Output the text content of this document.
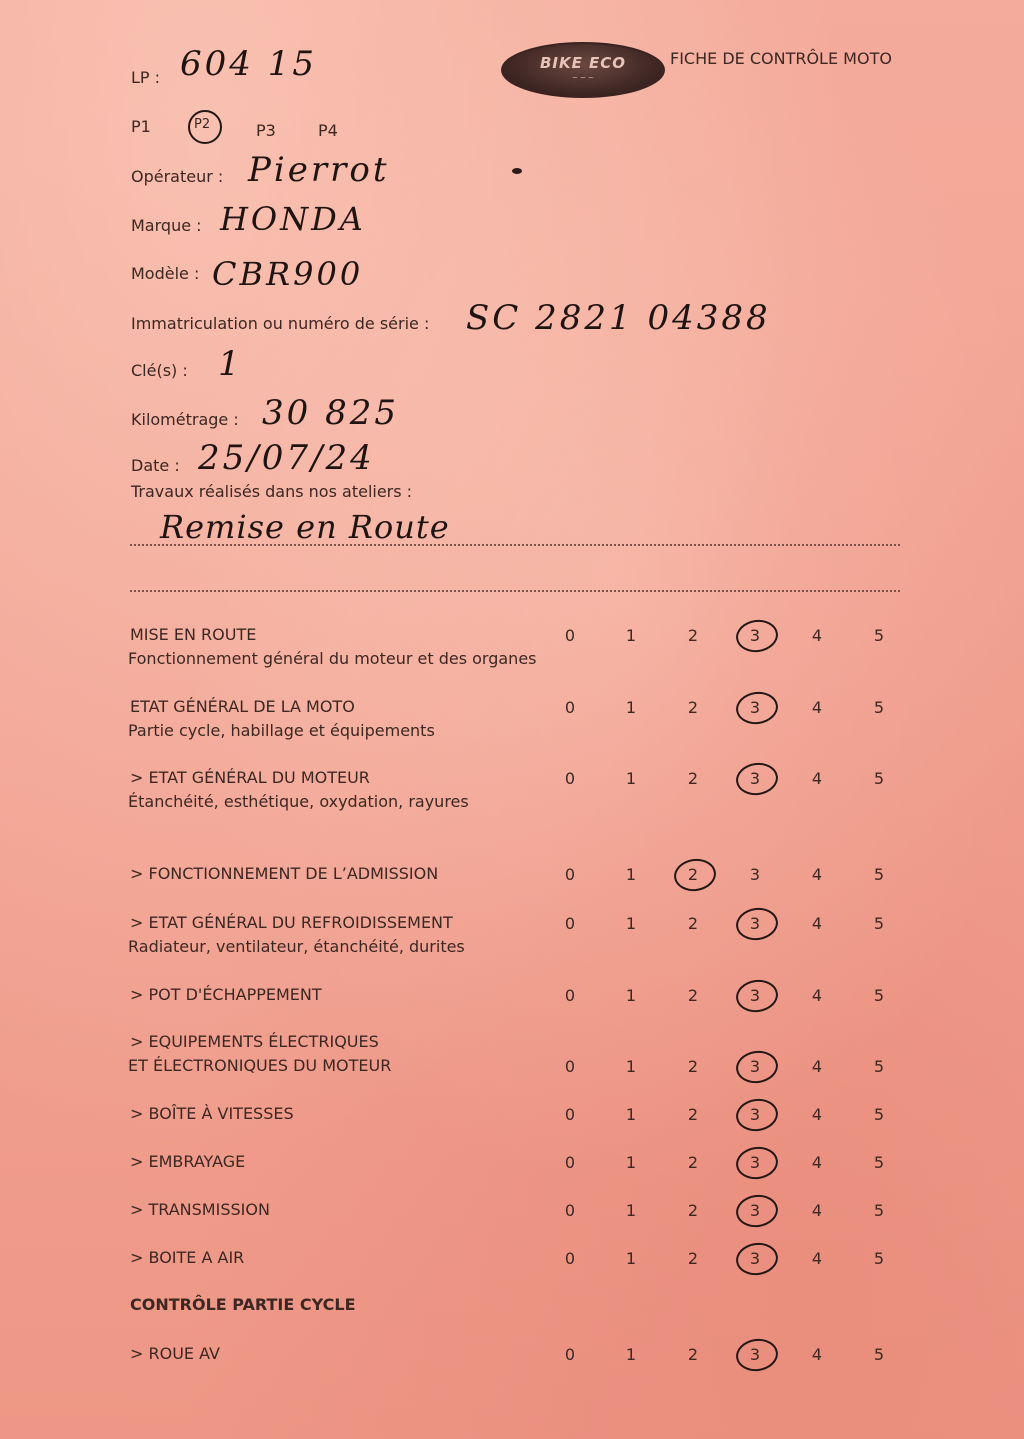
BIKE ECO
~ ~ ~
FICHE DE CONTRÔLE MOTO
LP : 604 15
P1	P2	P3	P4
Opérateur : Pierrot
Marque : HONDA
Modèle : CBR900
Immatriculation ou numéro de série : SC 2821 04388
Clé(s) : 1
Kilométrage : 30 825
Date : 25/07/24
Travaux réalisés dans nos ateliers :
Remise en Route
MISE EN ROUTE
Fonctionnement général du moteur et des organes
0	1	2	3	4	5
ETAT GÉNÉRAL DE LA MOTO
Partie cycle, habillage et équipements
0	1	2	3	4	5
> ETAT GÉNÉRAL DU MOTEUR
Étanchéité, esthétique, oxydation, rayures
0	1	2	3	4	5
> FONCTIONNEMENT DE L’ADMISSION	0	1	2	3	4	5
> ETAT GÉNÉRAL DU REFROIDISSEMENT
Radiateur, ventilateur, étanchéité, durites
0	1	2	3	4	5
> POT D'ÉCHAPPEMENT	0	1	2	3	4	5
> EQUIPEMENTS ÉLECTRIQUES
ET ÉLECTRONIQUES DU MOTEUR	0	1	2	3	4	5
> BOÎTE À VITESSES	0	1	2	3	4	5
> EMBRAYAGE	0	1	2	3	4	5
> TRANSMISSION	0	1	2	3	4	5
> BOITE A AIR	0	1	2	3	4	5
CONTRÔLE PARTIE CYCLE
> ROUE AV	0	1	2	3	4	5
